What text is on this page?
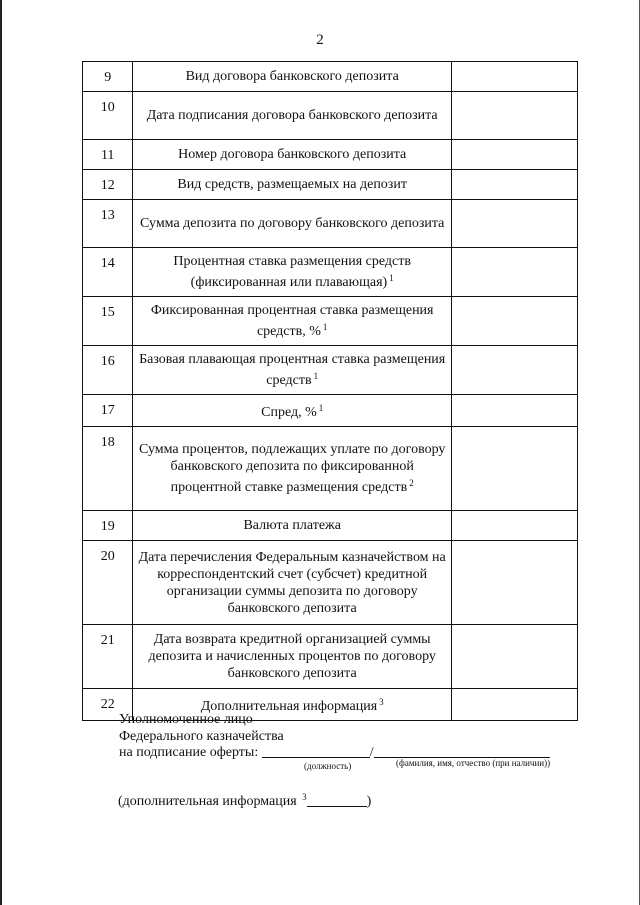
2
9	Вид договора банковского депозита	
10	Дата подписания договора банковского депозита	
11	Номер договора банковского депозита	
12	Вид средств, размещаемых на депозит	
13	Сумма депозита по договору банковского депозита	
14	Процентная ставка размещения средств (фиксированная или плавающая) $^1$	
15	Фиксированная процентная ставка размещения средств, % $^1$	
16	Базовая плавающая процентная ставка размещения средств $^1$	
17	Спред, % $^1$	
18	Сумма процентов, подлежащих уплате по договору банковского депозита по фиксированной процентной ставке размещения средств $^2$	
19	Валюта платежа	
20	Дата перечисления Федеральным казначейством на корреспондентский счет (субсчет) кредитной организации суммы депозита по договору банковского депозита	
21	Дата возврата кредитной организацией суммы депозита и начисленных процентов по договору банковского депозита	
22	Дополнительная информация $^3$	
Уполномоченное лицо
Федерального казначейства
на подписание оферты:	/
(должность)	(фамилия, имя, отчество (при наличии))
(дополнительная информация $^3$	)
